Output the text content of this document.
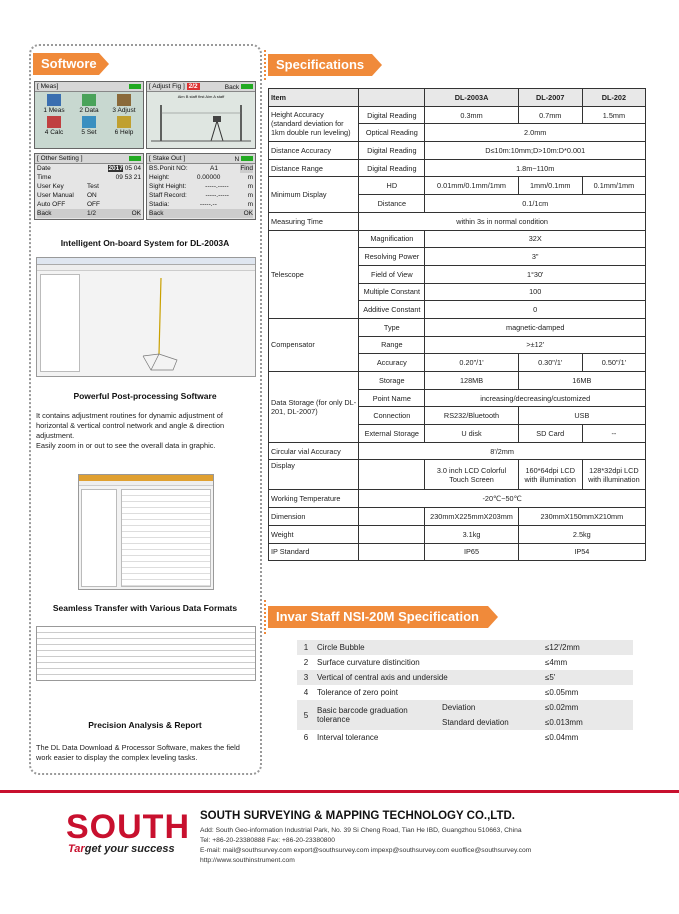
Softwore
[ Meas]
1 Meas	2 Data	3 Adjust
4 Calc	5 Set	6 Help
[ Adjust Fig ] 2/2	Back
Aim B staff first Aim A staff
[ Other Setting ]
Date	2017 05 04
Time	09 53 21
User Key	Test
User Manual	ON
Auto OFF	OFF
Back	1/2	OK
[ Stake Out ]	N
BS.Ponit NO:	A1	Find
Height:	0.00000	m
Sight Height:	-----.-----	m
Staff Record:	-----.-----	m
Stadia:	-----.--	m
Back	OK
Intelligent On-board System for DL-2003A
Powerful Post-processing Software
It contains adjustment routines for dynamic adjustment of horizontal & vertical control network and angle & direction adjustment.
Easily zoom in or out to see the overall data in graphic.
Seamless Transfer with Various Data Formats
Precision Analysis & Report
The DL Data Download & Processor Software, makes the field work easier to display the complex leveling tasks.
Specifications
Item		DL-2003A	DL-2007	DL-202
Height Accuracy (standard deviation for 1km double run leveling)	Digital Reading	0.3mm	0.7mm	1.5mm
	Optical Reading	2.0mm		
Distance Accuracy	Digital Reading	D≤10m:10mm;D>10m:D*0.001		
Distance Range	Digital Reading	1.8m~110m		
Minimum Display	HD	0.01mm/0.1mm/1mm	1mm/0.1mm	0.1mm/1mm
	Distance	0.1/1cm		
Measuring Time	within 3s in normal condition			
Telescope	Magnification	32X		
	Resolving Power	3"		
	Field of View	1°30'		
	Multiple Constant	100		
	Additive Constant	0		
Compensator	Type	magnetic-damped		
	Range	>±12'		
	Accuracy	0.20"/1'	0.30"/1'	0.50"/1'
Data Storage (for only DL-201, DL-2007)	Storage	128MB	16MB	
	Point Name	increasing/decreasing/customized		
	Connection	RS232/Bluetooth	USB	
	External Storage	U disk	SD Card	--
Circular vial Accuracy	8'/2mm			
Display		3.0 inch LCD Colorful Touch Screen	160*64dpi LCD with illumination	128*32dpi LCD with illumination
Working Temperature	-20℃~50℃			
Dimension		230mmX225mmX203mm	230mmX150mmX210mm	
Weight		3.1kg	2.5kg	
IP Standard		IP65	IP54	
Invar Staff NSI-20M Specification
1	Circle Bubble		≤12'/2mm
2	Surface curvature distincition		≤4mm
3	Vertical of central axis and underside		≤5'
4	Tolerance of zero point		≤0.05mm
5	Basic barcode graduation tolerance	Deviation	≤0.02mm
		Standard deviation	≤0.013mm
6	Interval tolerance		≤0.04mm
SOUTH
Target your success
SOUTH SURVEYING & MAPPING TECHNOLOGY CO.,LTD.
Add: South Geo-information Industrial Park, No. 39 Si Cheng Road, Tian He IBD, Guangzhou 510663, China
Tel: +86-20-23380888 Fax: +86-20-23380800
E-mail: mail@southsurvey.com export@southsurvey.com impexp@southsurvey.com euoffice@southsurvey.com
http://www.southinstrument.com
